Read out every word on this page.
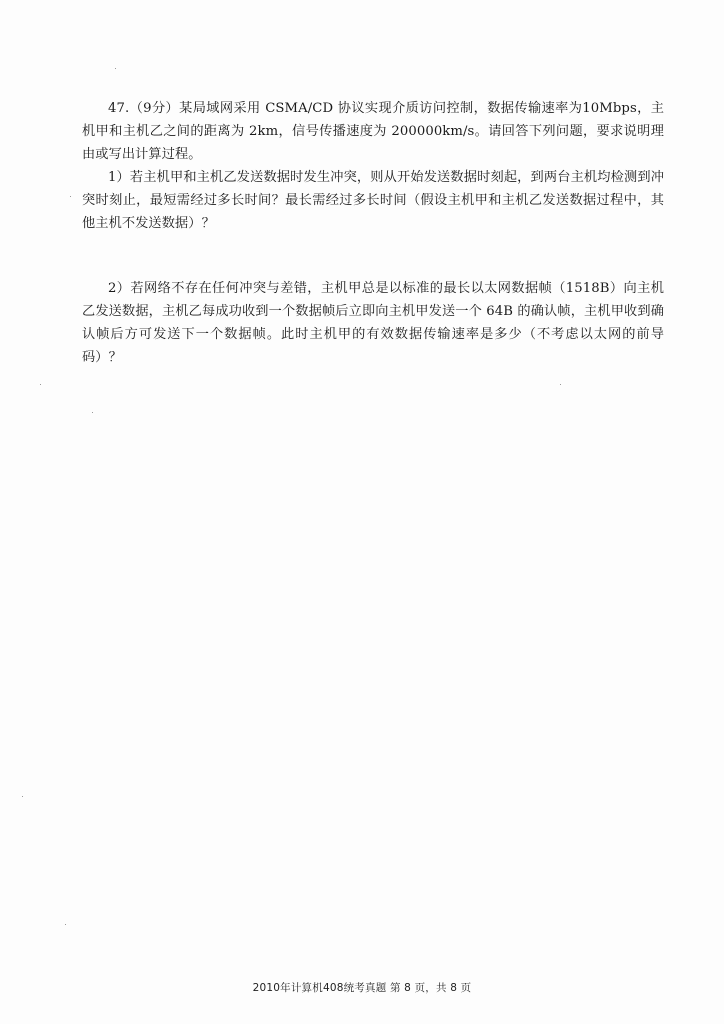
47.（9分）某局域网采用 CSMA/CD 协议实现介质访问控制，数据传输速率为10Mbps，主机甲和主机乙之间的距离为 2km，信号传播速度为 200000km/s。请回答下列问题，要求说明理由或写出计算过程。

1）若主机甲和主机乙发送数据时发生冲突，则从开始发送数据时刻起，到两台主机均检测到冲突时刻止，最短需经过多长时间？最长需经过多长时间（假设主机甲和主机乙发送数据过程中，其他主机不发送数据）？

2）若网络不存在任何冲突与差错，主机甲总是以标准的最长以太网数据帧（1518B）向主机乙发送数据，主机乙每成功收到一个数据帧后立即向主机甲发送一个 64B 的确认帧，主机甲收到确认帧后方可发送下一个数据帧。此时主机甲的有效数据传输速率是多少（不考虑以太网的前导码）？

2010年计算机408统考真题 第 8 页，共 8 页
